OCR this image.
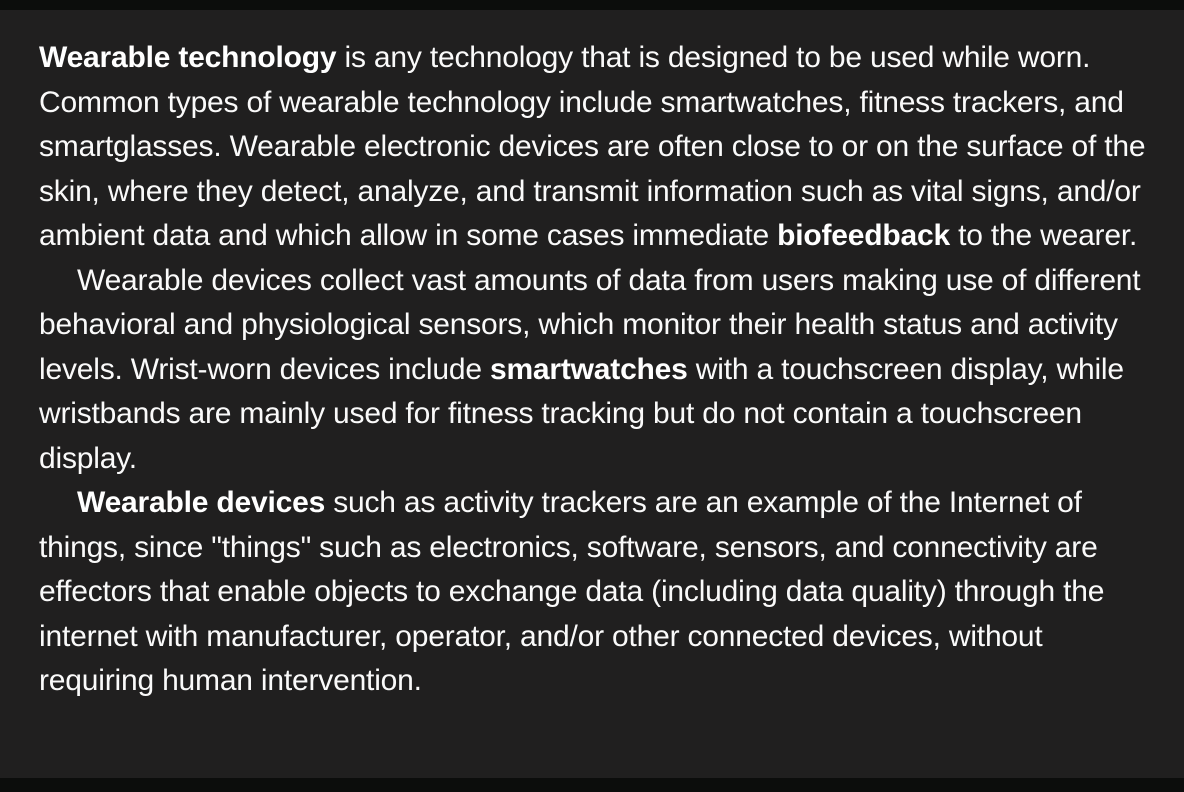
Wearable technology is any technology that is designed to be used while worn. Common types of wearable technology include smartwatches, fitness trackers, and smartglasses. Wearable electronic devices are often close to or on the surface of the skin, where they detect, analyze, and transmit information such as vital signs, and/or ambient data and which allow in some cases immediate biofeedback to the wearer.

Wearable devices collect vast amounts of data from users making use of different behavioral and physiological sensors, which monitor their health status and activity levels. Wrist-worn devices include smartwatches with a touchscreen display, while wristbands are mainly used for fitness tracking but do not contain a touchscreen display.

Wearable devices such as activity trackers are an example of the Internet of things, since "things" such as electronics, software, sensors, and connectivity are effectors that enable objects to exchange data (including data quality) through the internet with manufacturer, operator, and/or other connected devices, without requiring human intervention.
